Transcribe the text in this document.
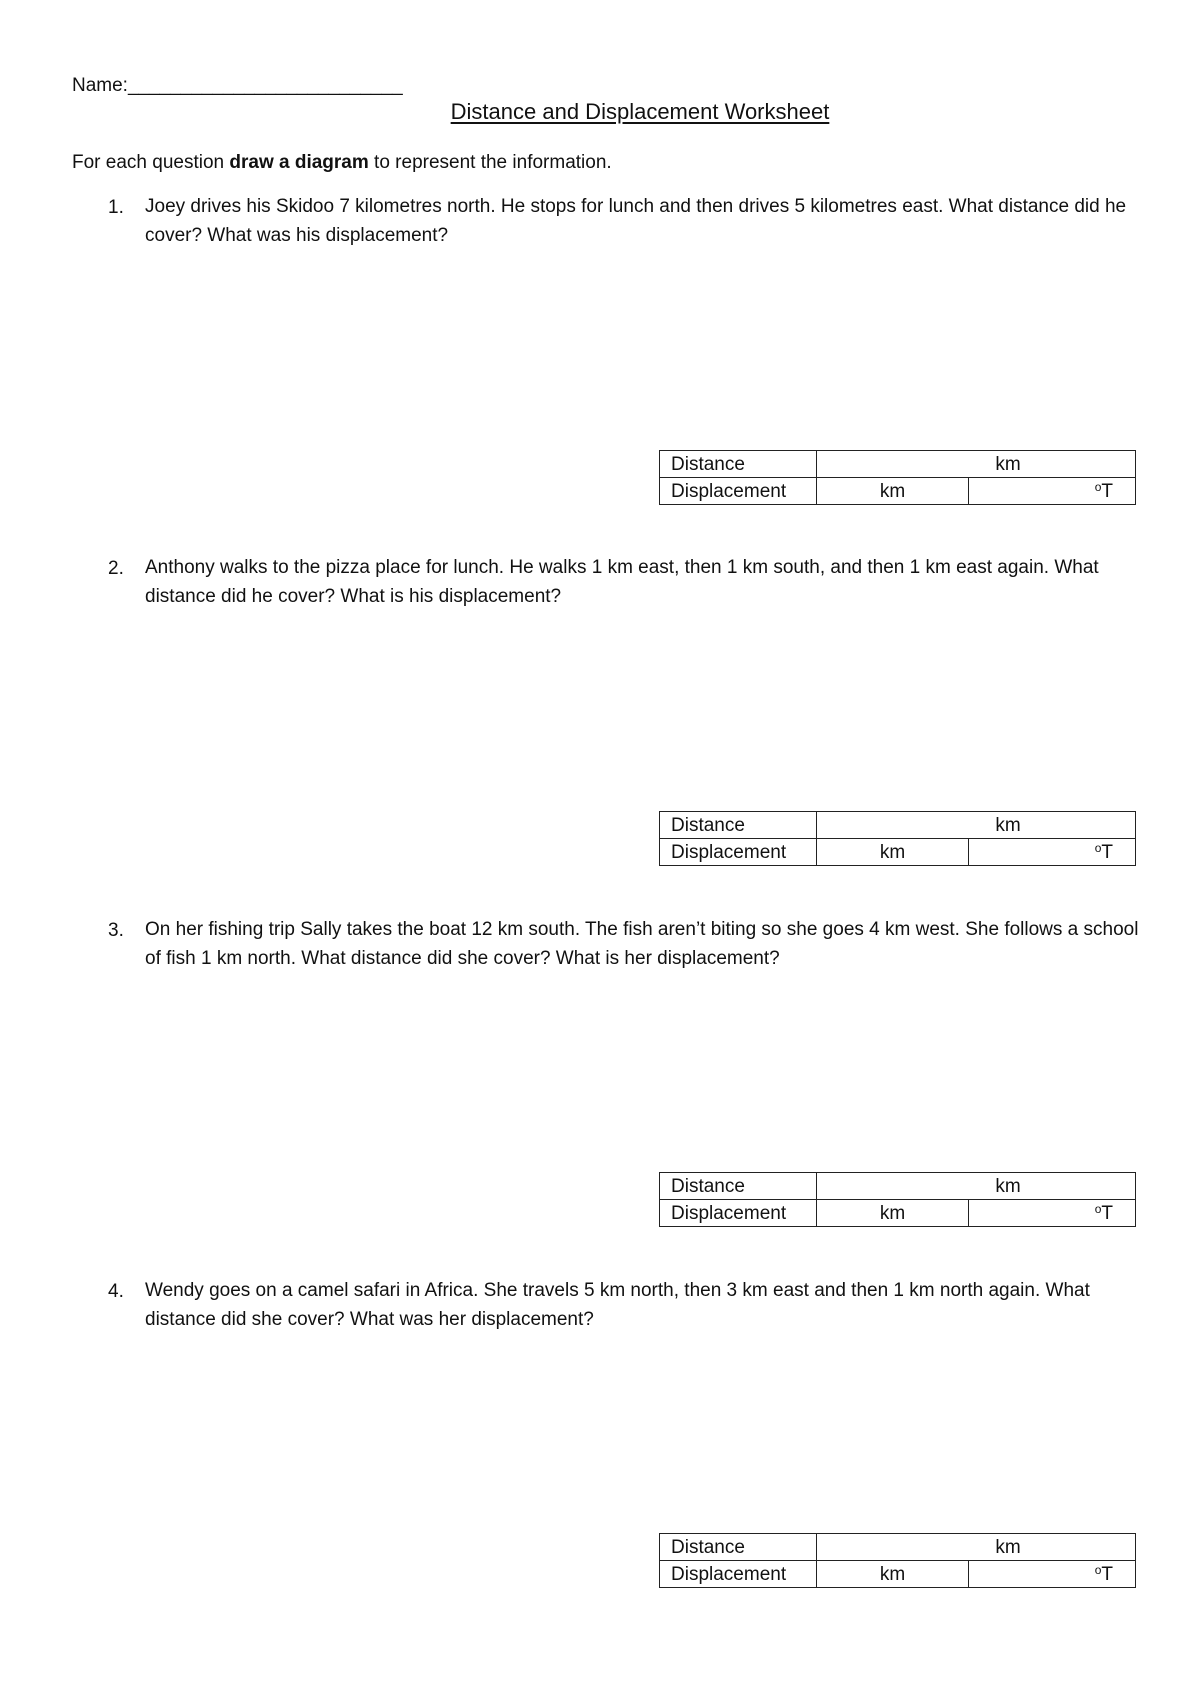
Name:__________________________
Distance and Displacement Worksheet
For each question draw a diagram to represent the information.
1. Joey drives his Skidoo 7 kilometres north. He stops for lunch and then drives 5 kilometres east. What distance did he cover? What was his displacement?
Distance	km	
Displacement	km	$^o$T
2. Anthony walks to the pizza place for lunch. He walks 1 km east, then 1 km south, and then 1 km east again. What distance did he cover? What is his displacement?
Distance	km	
Displacement	km	$^o$T
3. On her fishing trip Sally takes the boat 12 km south. The fish aren’t biting so she goes 4 km west. She follows a school of fish 1 km north. What distance did she cover? What is her displacement?
Distance	km	
Displacement	km	$^o$T
4. Wendy goes on a camel safari in Africa. She travels 5 km north, then 3 km east and then 1 km north again. What distance did she cover? What was her displacement?
Distance	km	
Displacement	km	$^o$T
